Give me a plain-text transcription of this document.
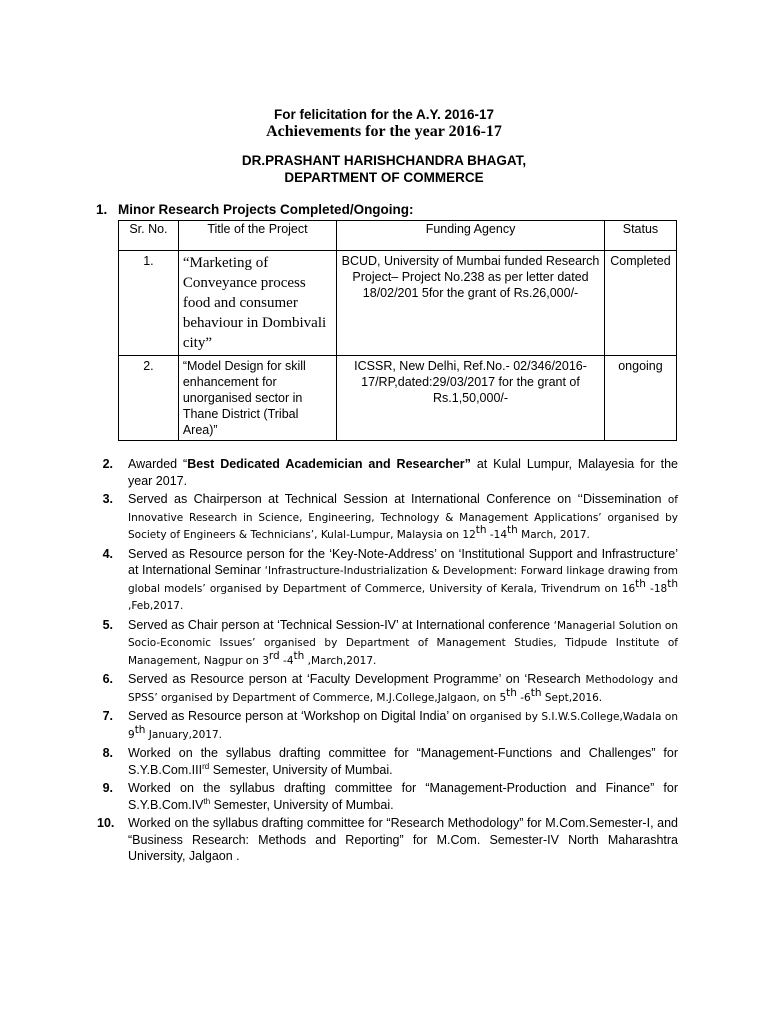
For felicitation for the A.Y. 2016-17
Achievements for the year 2016-17
DR.PRASHANT HARISHCHANDRA BHAGAT,
DEPARTMENT OF COMMERCE
1. Minor Research Projects Completed/Ongoing:
Sr. No.	Title of the Project	Funding Agency	Status
1.	“Marketing of Conveyance process food and consumer behaviour in Dombivali city”	BCUD, University of Mumbai funded Research Project– Project No.238 as per letter dated 18/02/201 5for the grant of Rs.26,000/-	Completed
2.	“Model Design for skill enhancement for unorganised sector in Thane District (Tribal Area)”	ICSSR, New Delhi, Ref.No.- 02/346/2016-17/RP,dated:29/03/2017 for the grant of Rs.1,50,000/-	ongoing
2. Awarded “Best Dedicated Academician and Researcher” at Kulal Lumpur, Malayesia for the year 2017.
3. Served as Chairperson at Technical Session at International Conference on ‘‘Dissemination of Innovative Research in Science, Engineering, Technology & Management Applications’ organised by Society of Engineers & Technicians’, Kulal-Lumpur, Malaysia on 12th -14th March, 2017.
4. Served as Resource person for the ‘Key-Note-Address’ on ‘Institutional Support and Infrastructure’ at International Seminar ‘Infrastructure-Industrialization & Development: Forward linkage drawing from global models’ organised by Department of Commerce, University of Kerala, Trivendrum on 16th -18th ,Feb,2017.
5. Served as Chair person at ‘Technical Session-IV’ at International conference ‘Managerial Solution on Socio-Economic Issues’ organised by Department of Management Studies, Tidpude Institute of Management, Nagpur on 3rd -4th ,March,2017.
6. Served as Resource person at ‘Faculty Development Programme’ on ‘Research Methodology and SPSS’ organised by Department of Commerce, M.J.College,Jalgaon, on 5th -6th Sept,2016.
7. Served as Resource person at ‘Workshop on Digital India’ on organised by S.I.W.S.College,Wadala on 9th January,2017.
8. Worked on the syllabus drafting committee for “Management-Functions and Challenges” for S.Y.B.Com.IIIrd Semester, University of Mumbai.
9. Worked on the syllabus drafting committee for “Management-Production and Finance” for S.Y.B.Com.IVth Semester, University of Mumbai.
10. Worked on the syllabus drafting committee for “Research Methodology” for M.Com.Semester-I, and “Business Research: Methods and Reporting” for M.Com. Semester-IV North Maharashtra University, Jalgaon .
